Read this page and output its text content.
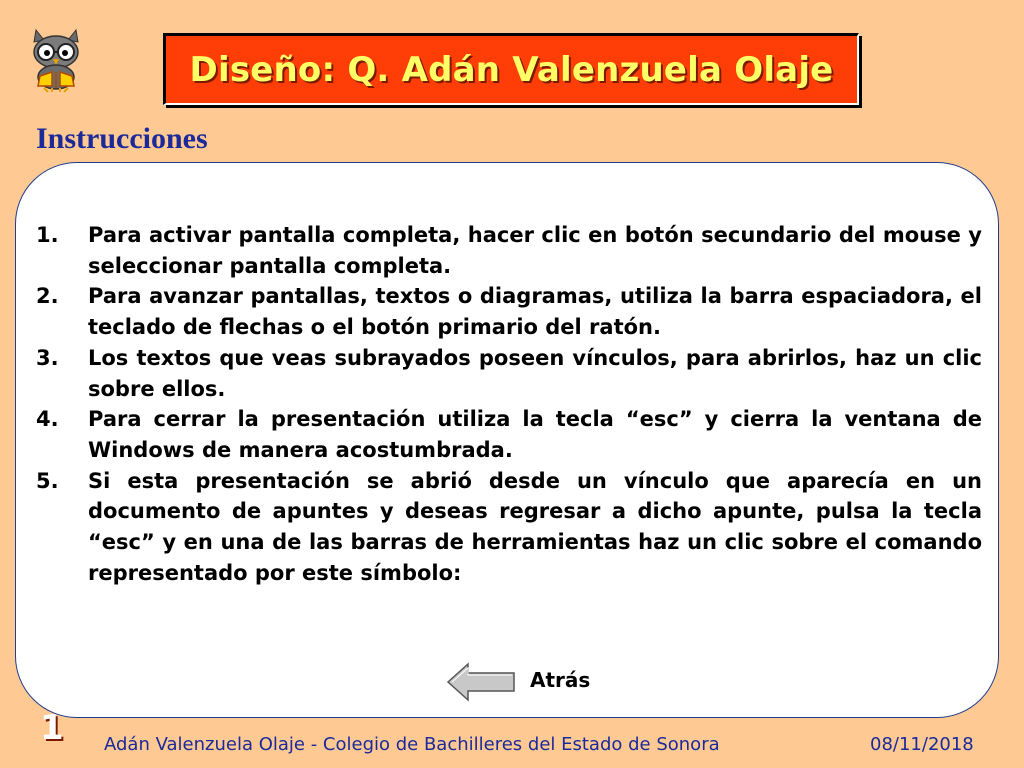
Diseño: Q. Adán Valenzuela Olaje
Instrucciones
1.	Para activar pantalla completa, hacer clic en botón secundario del mouse y seleccionar pantalla completa.
2.	Para avanzar pantallas, textos o diagramas, utiliza la barra espaciadora, el teclado de flechas o el botón primario del ratón.
3.	Los textos que veas subrayados poseen vínculos, para abrirlos, haz un clic sobre ellos.
4.	Para cerrar la presentación utiliza la tecla “esc” y cierra la ventana de Windows de manera acostumbrada.
5.	Si esta presentación se abrió desde un vínculo que aparecía en un documento de apuntes y deseas regresar a dicho apunte, pulsa la tecla “esc” y en una de las barras de herramientas haz un clic sobre el comando representado por este símbolo:
Atrás
1 Adán Valenzuela Olaje - Colegio de Bachilleres del Estado de Sonora	08/11/2018
